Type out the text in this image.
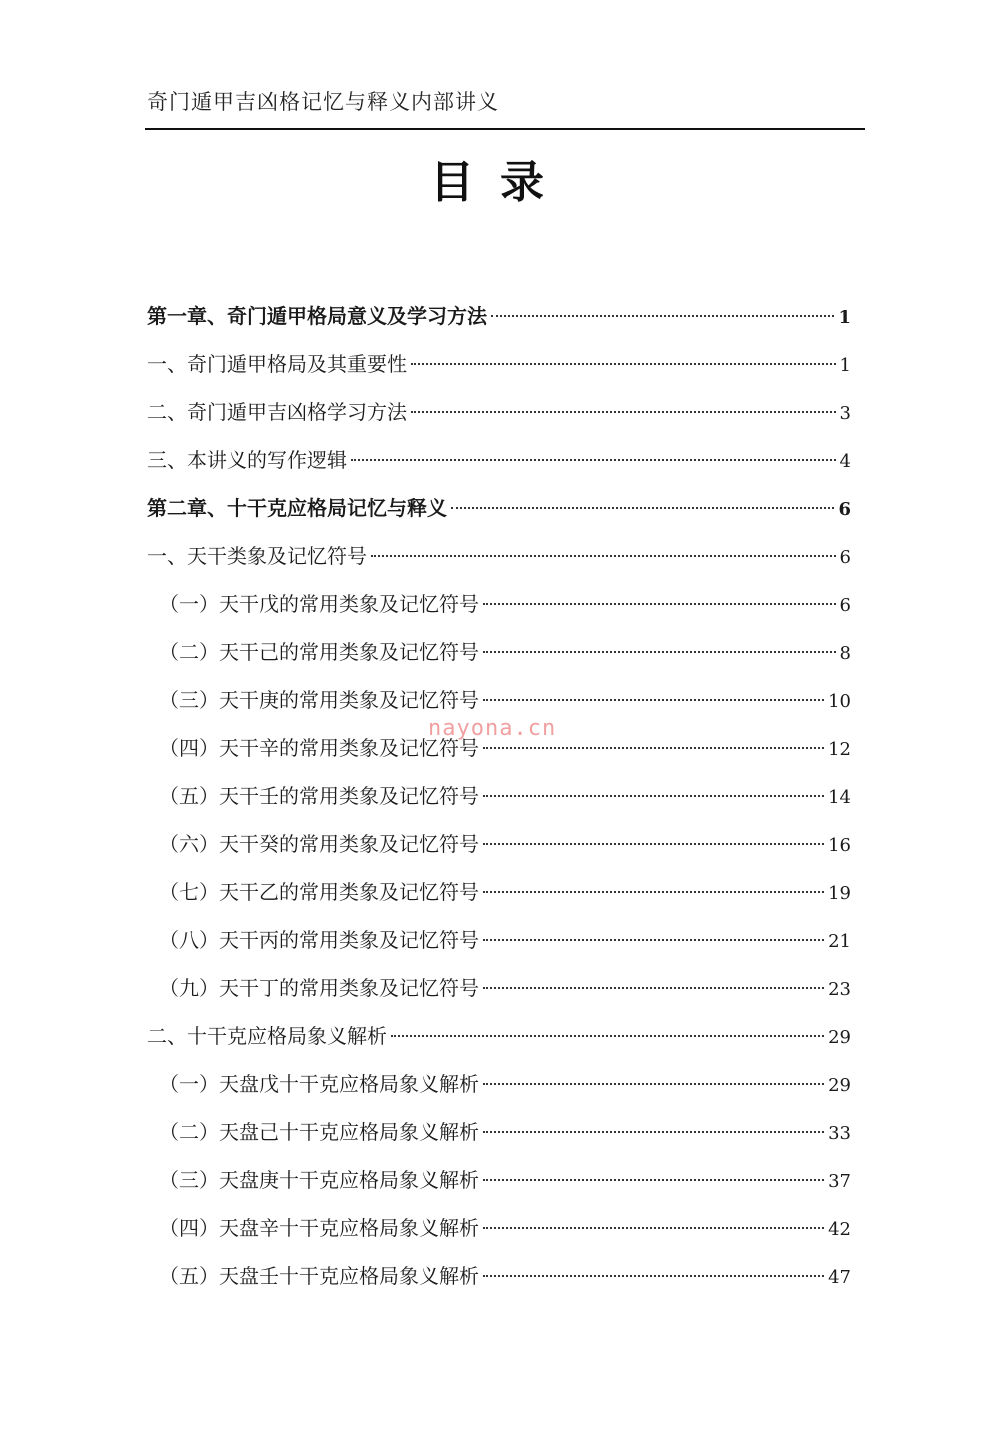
奇门遁甲吉凶格记忆与释义内部讲义
目录
第一章、奇门遁甲格局意义及学习方法	1
一、奇门遁甲格局及其重要性	1
二、奇门遁甲吉凶格学习方法	3
三、本讲义的写作逻辑	4
第二章、十干克应格局记忆与释义	6
一、天干类象及记忆符号	6
（一）天干戊的常用类象及记忆符号	6
（二）天干己的常用类象及记忆符号	8
（三）天干庚的常用类象及记忆符号	10
（四）天干辛的常用类象及记忆符号	12
（五）天干壬的常用类象及记忆符号	14
（六）天干癸的常用类象及记忆符号	16
（七）天干乙的常用类象及记忆符号	19
（八）天干丙的常用类象及记忆符号	21
（九）天干丁的常用类象及记忆符号	23
二、十干克应格局象义解析	29
（一）天盘戊十干克应格局象义解析	29
（二）天盘己十干克应格局象义解析	33
（三）天盘庚十干克应格局象义解析	37
（四）天盘辛十干克应格局象义解析	42
（五）天盘壬十干克应格局象义解析	47
nayona.cn
